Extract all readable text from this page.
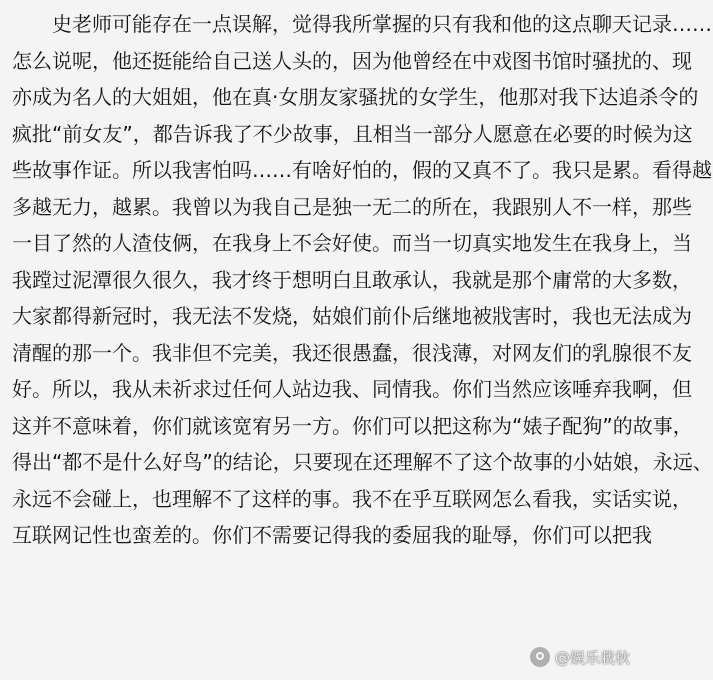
史老师可能存在一点误解，觉得我所掌握的只有我和他的这点聊天记录……
怎么说呢，他还挺能给自己送人头的，因为他曾经在中戏图书馆时骚扰的、现
亦成为名人的大姐姐，他在真·女朋友家骚扰的女学生，他那对我下达追杀令的
疯批“前女友”，都告诉我了不少故事，且相当一部分人愿意在必要的时候为这
些故事作证。所以我害怕吗……有啥好怕的，假的又真不了。我只是累。看得越
多越无力，越累。我曾以为我自己是独一无二的所在，我跟别人不一样，那些
一目了然的人渣伎俩，在我身上不会好使。而当一切真实地发生在我身上，当
我蹚过泥潭很久很久，我才终于想明白且敢承认，我就是那个庸常的大多数，
大家都得新冠时，我无法不发烧，姑娘们前仆后继地被戕害时，我也无法成为
清醒的那一个。我非但不完美，我还很愚蠢，很浅薄，对网友们的乳腺很不友
好。所以，我从未祈求过任何人站边我、同情我。你们当然应该唾弃我啊，但
这并不意味着，你们就该宽宥另一方。你们可以把这称为“婊子配狗”的故事，
得出“都不是什么好鸟”的结论，只要现在还理解不了这个故事的小姑娘，永远、
永远不会碰上，也理解不了这样的事。我不在乎互联网怎么看我，实话实说，
互联网记性也蛮差的。你们不需要记得我的委屈我的耻辱，你们可以把我
@娱乐栽秋
